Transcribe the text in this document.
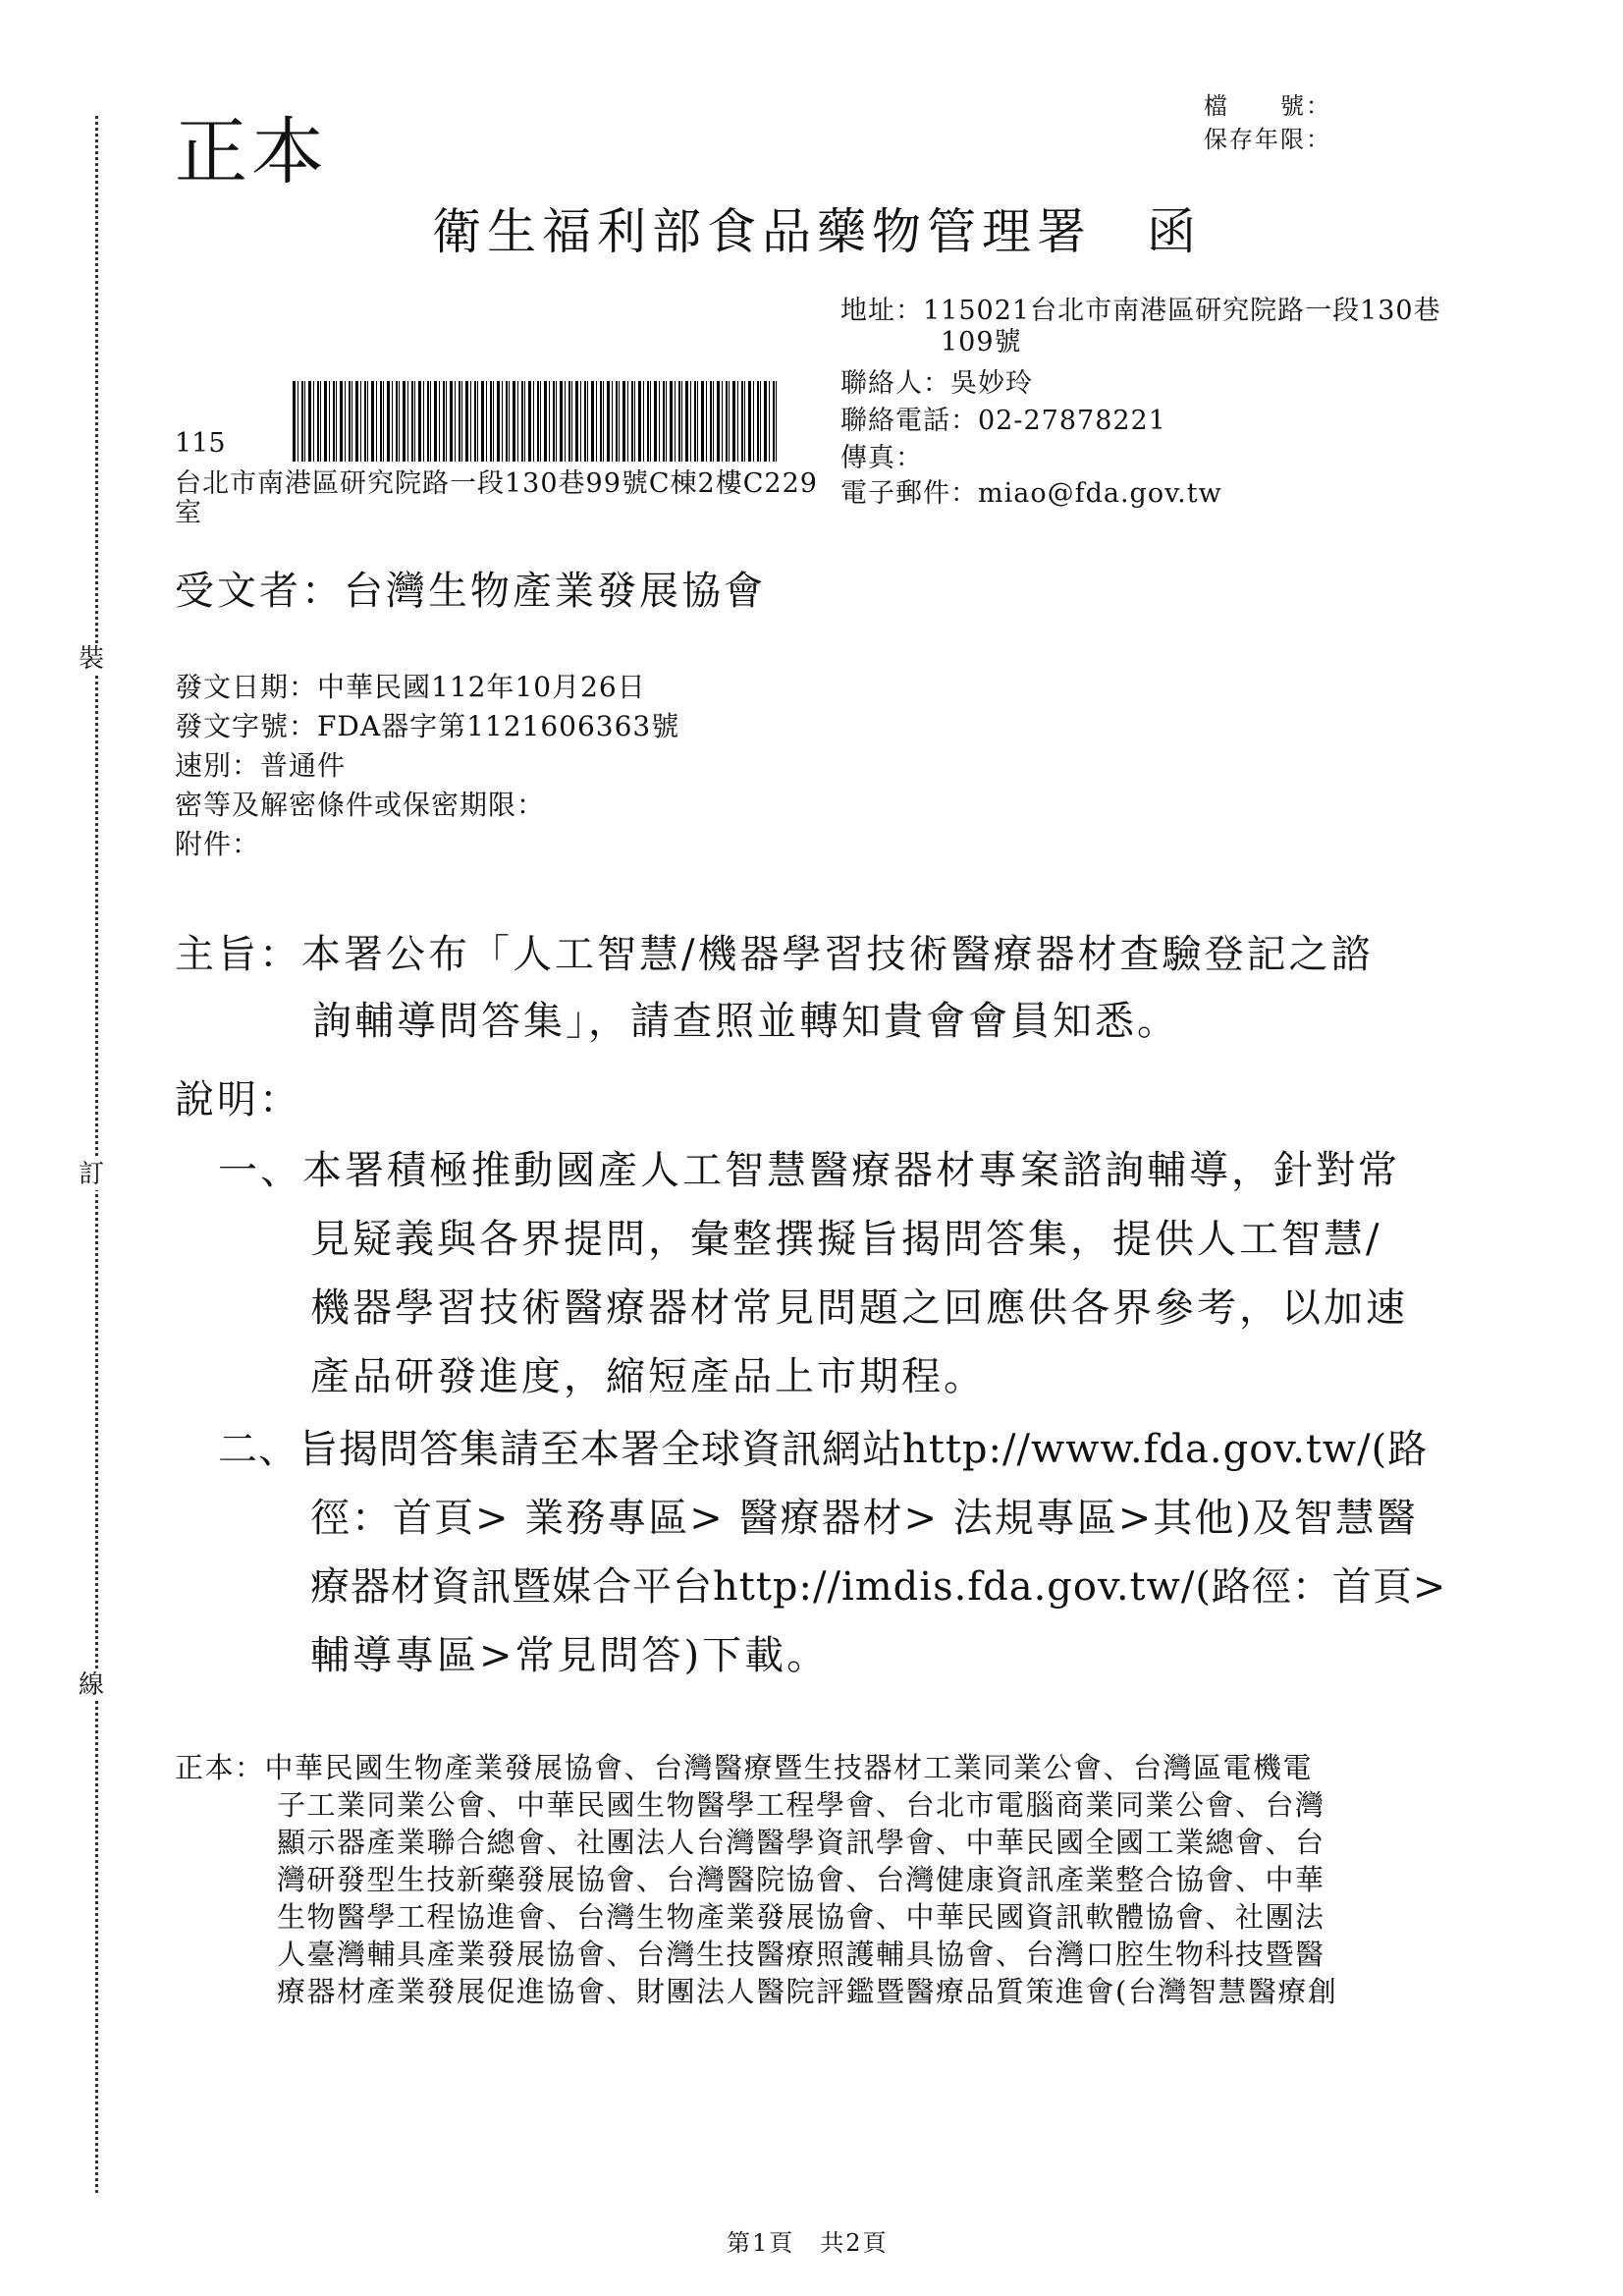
裝
訂
線
正本
檔　　號：
保存年限：
衛生福利部食品藥物管理署　函
地址：115021台北市南港區研究院路一段130巷
109號
聯絡人：吳妙玲
聯絡電話：02-27878221
傳真：
電子郵件：miao@fda.gov.tw
115
台北市南港區研究院路一段130巷99號C棟2樓C229
室
受文者：台灣生物產業發展協會
發文日期：中華民國112年10月26日
發文字號：FDA器字第1121606363號
速別：普通件
密等及解密條件或保密期限：
附件：
主旨：本署公布「人工智慧/機器學習技術醫療器材查驗登記之諮
詢輔導問答集」，請查照並轉知貴會會員知悉。
說明：
一、本署積極推動國產人工智慧醫療器材專案諮詢輔導，針對常
見疑義與各界提問，彙整撰擬旨揭問答集，提供人工智慧/
機器學習技術醫療器材常見問題之回應供各界參考，以加速
產品研發進度，縮短產品上市期程。
二、旨揭問答集請至本署全球資訊網站http://www.fda.gov.tw/(路
徑：首頁> 業務專區> 醫療器材> 法規專區>其他)及智慧醫
療器材資訊暨媒合平台http://imdis.fda.gov.tw/(路徑：首頁>
輔導專區>常見問答)下載。
正本：中華民國生物產業發展協會、台灣醫療暨生技器材工業同業公會、台灣區電機電
子工業同業公會、中華民國生物醫學工程學會、台北市電腦商業同業公會、台灣
顯示器產業聯合總會、社團法人台灣醫學資訊學會、中華民國全國工業總會、台
灣研發型生技新藥發展協會、台灣醫院協會、台灣健康資訊產業整合協會、中華
生物醫學工程協進會、台灣生物產業發展協會、中華民國資訊軟體協會、社團法
人臺灣輔具產業發展協會、台灣生技醫療照護輔具協會、台灣口腔生物科技暨醫
療器材產業發展促進協會、財團法人醫院評鑑暨醫療品質策進會(台灣智慧醫療創
第1頁　共2頁
